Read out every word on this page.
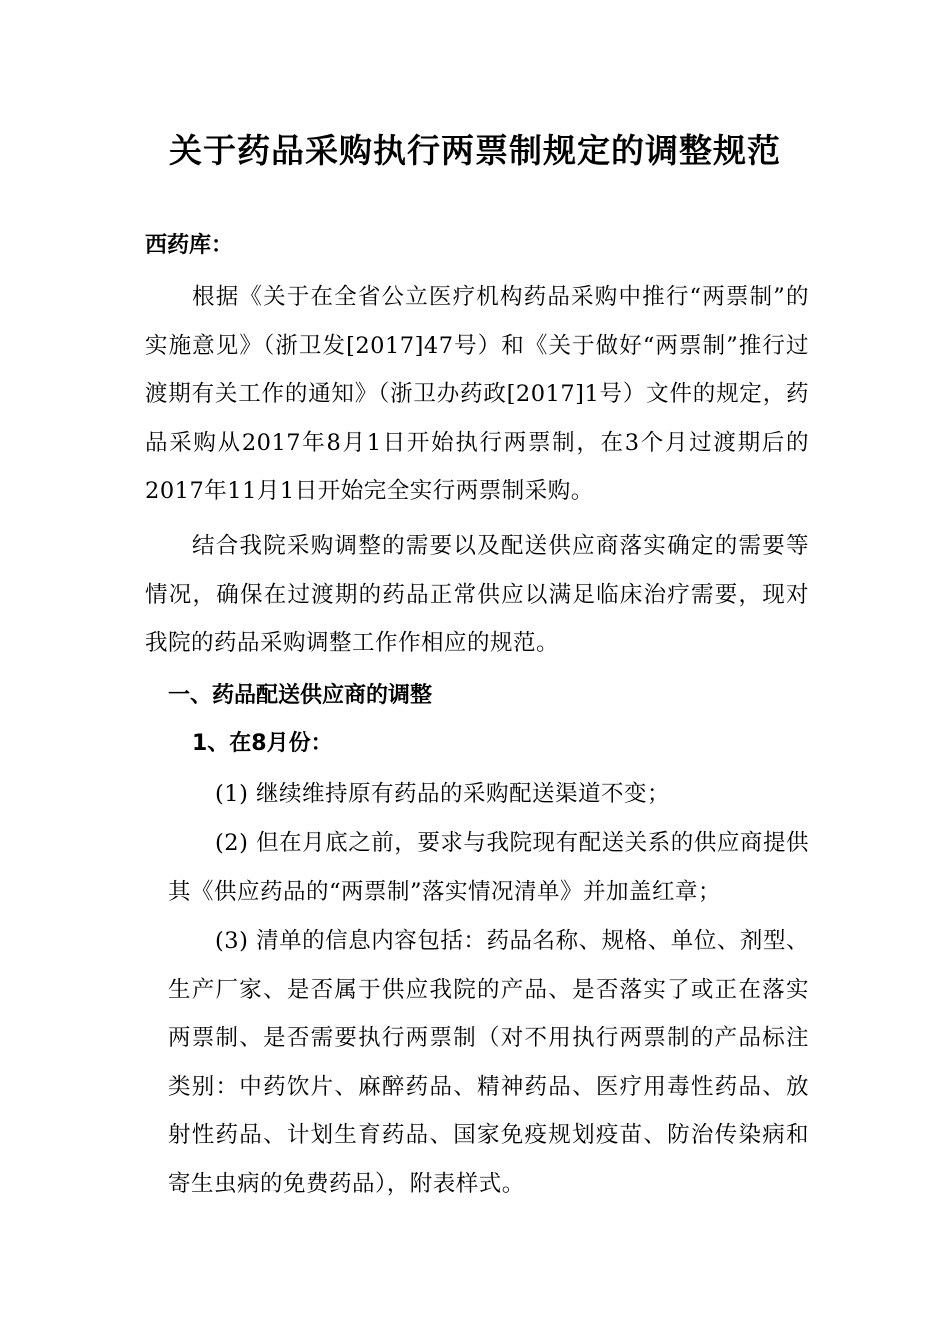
关于药品采购执行两票制规定的调整规范

西药库：

根据《关于在全省公立医疗机构药品采购中推行“两票制”的实施意见》（浙卫发[2017]47号）和《关于做好“两票制”推行过渡期有关工作的通知》（浙卫办药政[2017]1号）文件的规定，药品采购从2017年8月1日开始执行两票制，在3个月过渡期后的2017年11月1日开始完全实行两票制采购。

结合我院采购调整的需要以及配送供应商落实确定的需要等情况，确保在过渡期的药品正常供应以满足临床治疗需要，现对我院的药品采购调整工作作相应的规范。

一、药品配送供应商的调整

1、在8月份：

(1) 继续维持原有药品的采购配送渠道不变；

(2) 但在月底之前，要求与我院现有配送关系的供应商提供其《供应药品的“两票制”落实情况清单》并加盖红章；

(3) 清单的信息内容包括：药品名称、规格、单位、剂型、生产厂家、是否属于供应我院的产品、是否落实了或正在落实两票制、是否需要执行两票制（对不用执行两票制的产品标注类别：中药饮片、麻醉药品、精神药品、医疗用毒性药品、放射性药品、计划生育药品、国家免疫规划疫苗、防治传染病和寄生虫病的免费药品），附表样式。
